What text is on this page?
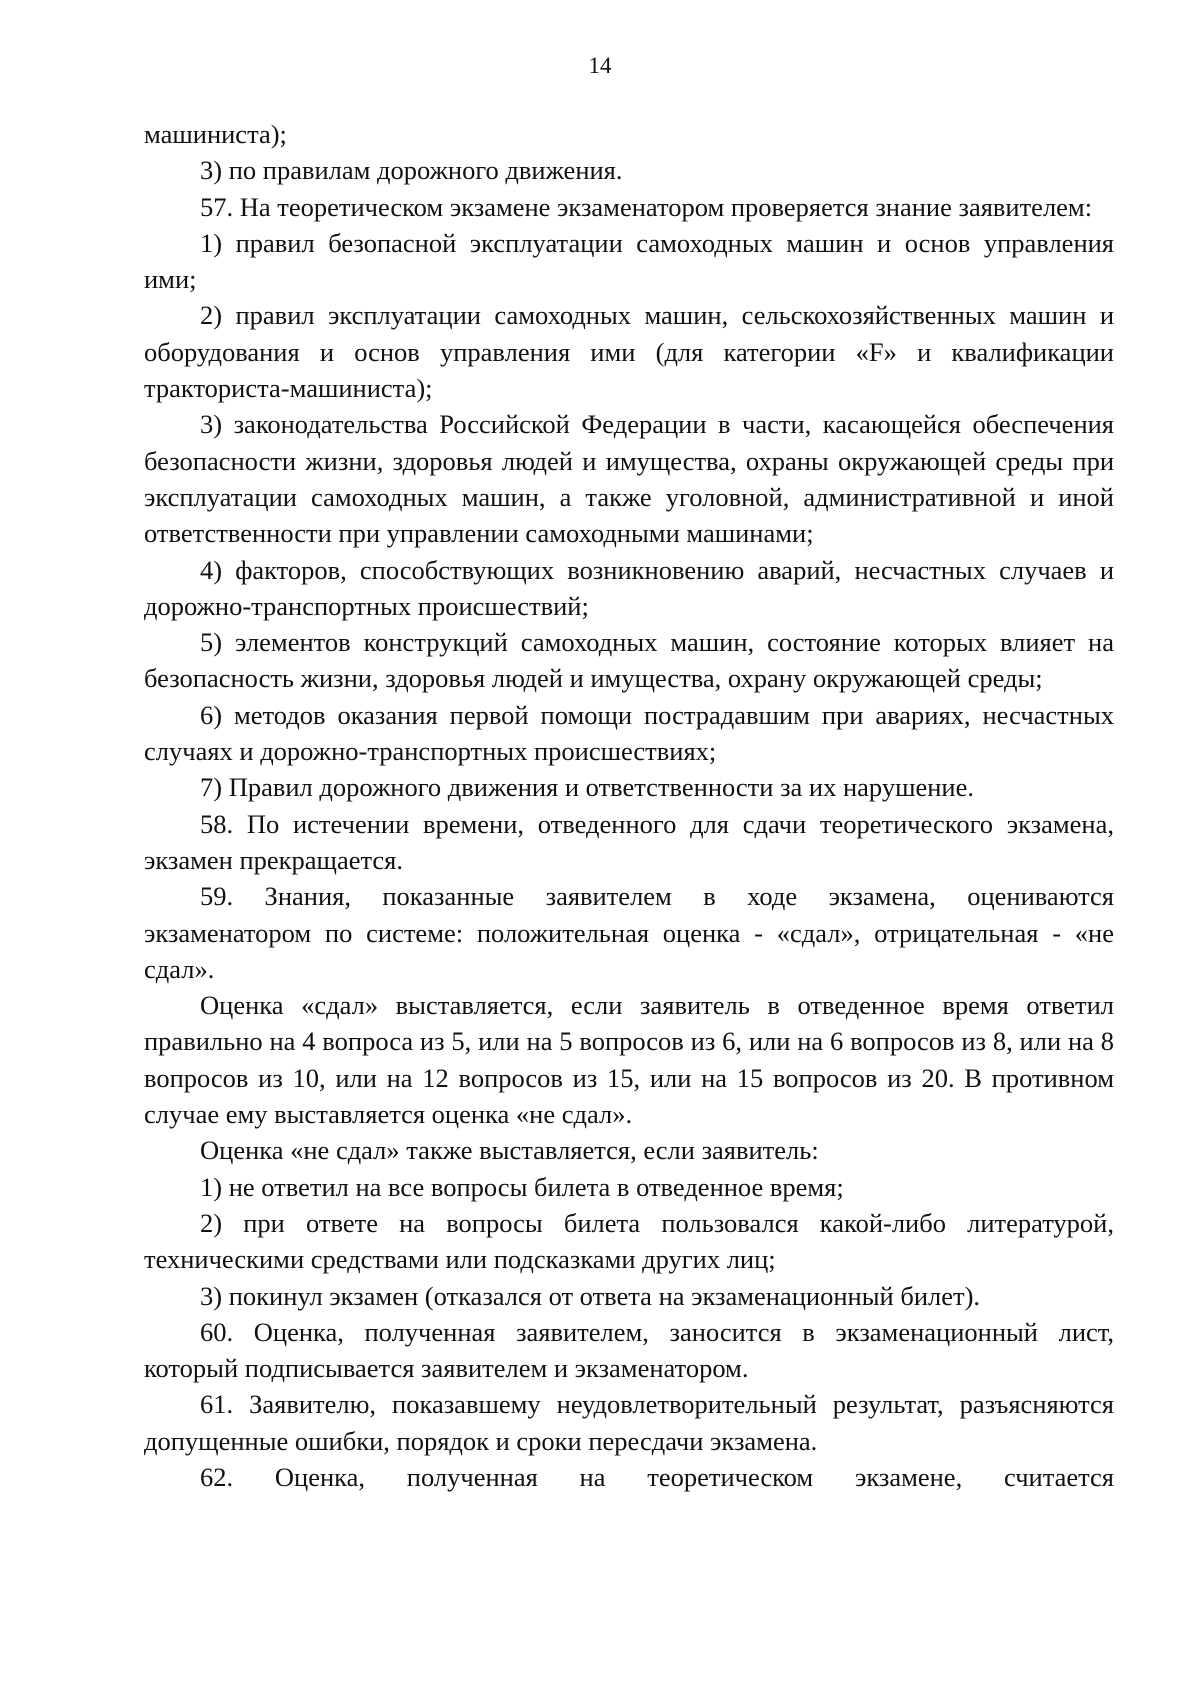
14

машиниста);

3) по правилам дорожного движения.

57. На теоретическом экзамене экзаменатором проверяется знание заявителем:

1) правил безопасной эксплуатации самоходных машин и основ управления ими;

2) правил эксплуатации самоходных машин, сельскохозяйственных машин и оборудования и основ управления ими (для категории «F» и квалификации тракториста-машиниста);

3) законодательства Российской Федерации в части, касающейся обеспечения безопасности жизни, здоровья людей и имущества, охраны окружающей среды при эксплуатации самоходных машин, а также уголовной, административной и иной ответственности при управлении самоходными машинами;

4) факторов, способствующих возникновению аварий, несчастных случаев и дорожно-транспортных происшествий;

5) элементов конструкций самоходных машин, состояние которых влияет на безопасность жизни, здоровья людей и имущества, охрану окружающей среды;

6) методов оказания первой помощи пострадавшим при авариях, несчастных случаях и дорожно-транспортных происшествиях;

7) Правил дорожного движения и ответственности за их нарушение.

58. По истечении времени, отведенного для сдачи теоретического экзамена, экзамен прекращается.

59. Знания, показанные заявителем в ходе экзамена, оцениваются экзаменатором по системе: положительная оценка - «сдал», отрицательная - «не сдал».

Оценка «сдал» выставляется, если заявитель в отведенное время ответил правильно на 4 вопроса из 5, или на 5 вопросов из 6, или на 6 вопросов из 8, или на 8 вопросов из 10, или на 12 вопросов из 15, или на 15 вопросов из 20. В противном случае ему выставляется оценка «не сдал».

Оценка «не сдал» также выставляется, если заявитель:

1) не ответил на все вопросы билета в отведенное время;

2) при ответе на вопросы билета пользовался какой-либо литературой, техническими средствами или подсказками других лиц;

3) покинул экзамен (отказался от ответа на экзаменационный билет).

60. Оценка, полученная заявителем, заносится в экзаменационный лист, который подписывается заявителем и экзаменатором.

61. Заявителю, показавшему неудовлетворительный результат, разъясняются допущенные ошибки, порядок и сроки пересдачи экзамена.

62. Оценка, полученная на теоретическом экзамене, считается
